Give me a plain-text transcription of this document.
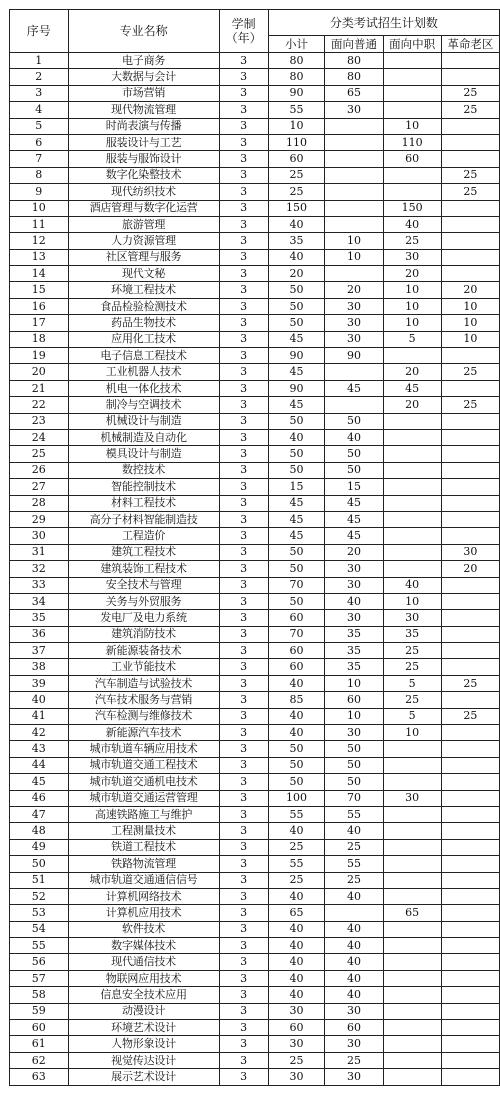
序号	专业名称	学制
（年）	分类考试招生计划数			
			小计	面向普通	面向中职	革命老区
1	电子商务	3	80	80		
2	大数据与会计	3	80	80		
3	市场营销	3	90	65		25
4	现代物流管理	3	55	30		25
5	时尚表演与传播	3	10		10	
6	服装设计与工艺	3	110		110	
7	服装与服饰设计	3	60		60	
8	数字化染整技术	3	25			25
9	现代纺织技术	3	25			25
10	酒店管理与数字化运营	3	150		150	
11	旅游管理	3	40		40	
12	人力资源管理	3	35	10	25	
13	社区管理与服务	3	40	10	30	
14	现代文秘	3	20		20	
15	环境工程技术	3	50	20	10	20
16	食品检验检测技术	3	50	30	10	10
17	药品生物技术	3	50	30	10	10
18	应用化工技术	3	45	30	5	10
19	电子信息工程技术	3	90	90		
20	工业机器人技术	3	45		20	25
21	机电一体化技术	3	90	45	45	
22	制冷与空调技术	3	45		20	25
23	机械设计与制造	3	50	50		
24	机械制造及自动化	3	40	40		
25	模具设计与制造	3	50	50		
26	数控技术	3	50	50		
27	智能控制技术	3	15	15		
28	材料工程技术	3	45	45		
29	高分子材料智能制造技	3	45	45		
30	工程造价	3	45	45		
31	建筑工程技术	3	50	20		30
32	建筑装饰工程技术	3	50	30		20
33	安全技术与管理	3	70	30	40	
34	关务与外贸服务	3	50	40	10	
35	发电厂及电力系统	3	60	30	30	
36	建筑消防技术	3	70	35	35	
37	新能源装备技术	3	60	35	25	
38	工业节能技术	3	60	35	25	
39	汽车制造与试验技术	3	40	10	5	25
40	汽车技术服务与营销	3	85	60	25	
41	汽车检测与维修技术	3	40	10	5	25
42	新能源汽车技术	3	40	30	10	
43	城市轨道车辆应用技术	3	50	50		
44	城市轨道交通工程技术	3	50	50		
45	城市轨道交通机电技术	3	50	50		
46	城市轨道交通运营管理	3	100	70	30	
47	高速铁路施工与维护	3	55	55		
48	工程测量技术	3	40	40		
49	铁道工程技术	3	25	25		
50	铁路物流管理	3	55	55		
51	城市轨道交通通信信号	3	25	25		
52	计算机网络技术	3	40	40		
53	计算机应用技术	3	65		65	
54	软件技术	3	40	40		
55	数字媒体技术	3	40	40		
56	现代通信技术	3	40	40		
57	物联网应用技术	3	40	40		
58	信息安全技术应用	3	40	40		
59	动漫设计	3	30	30		
60	环境艺术设计	3	60	60		
61	人物形象设计	3	30	30		
62	视觉传达设计	3	25	25		
63	展示艺术设计	3	30	30		
